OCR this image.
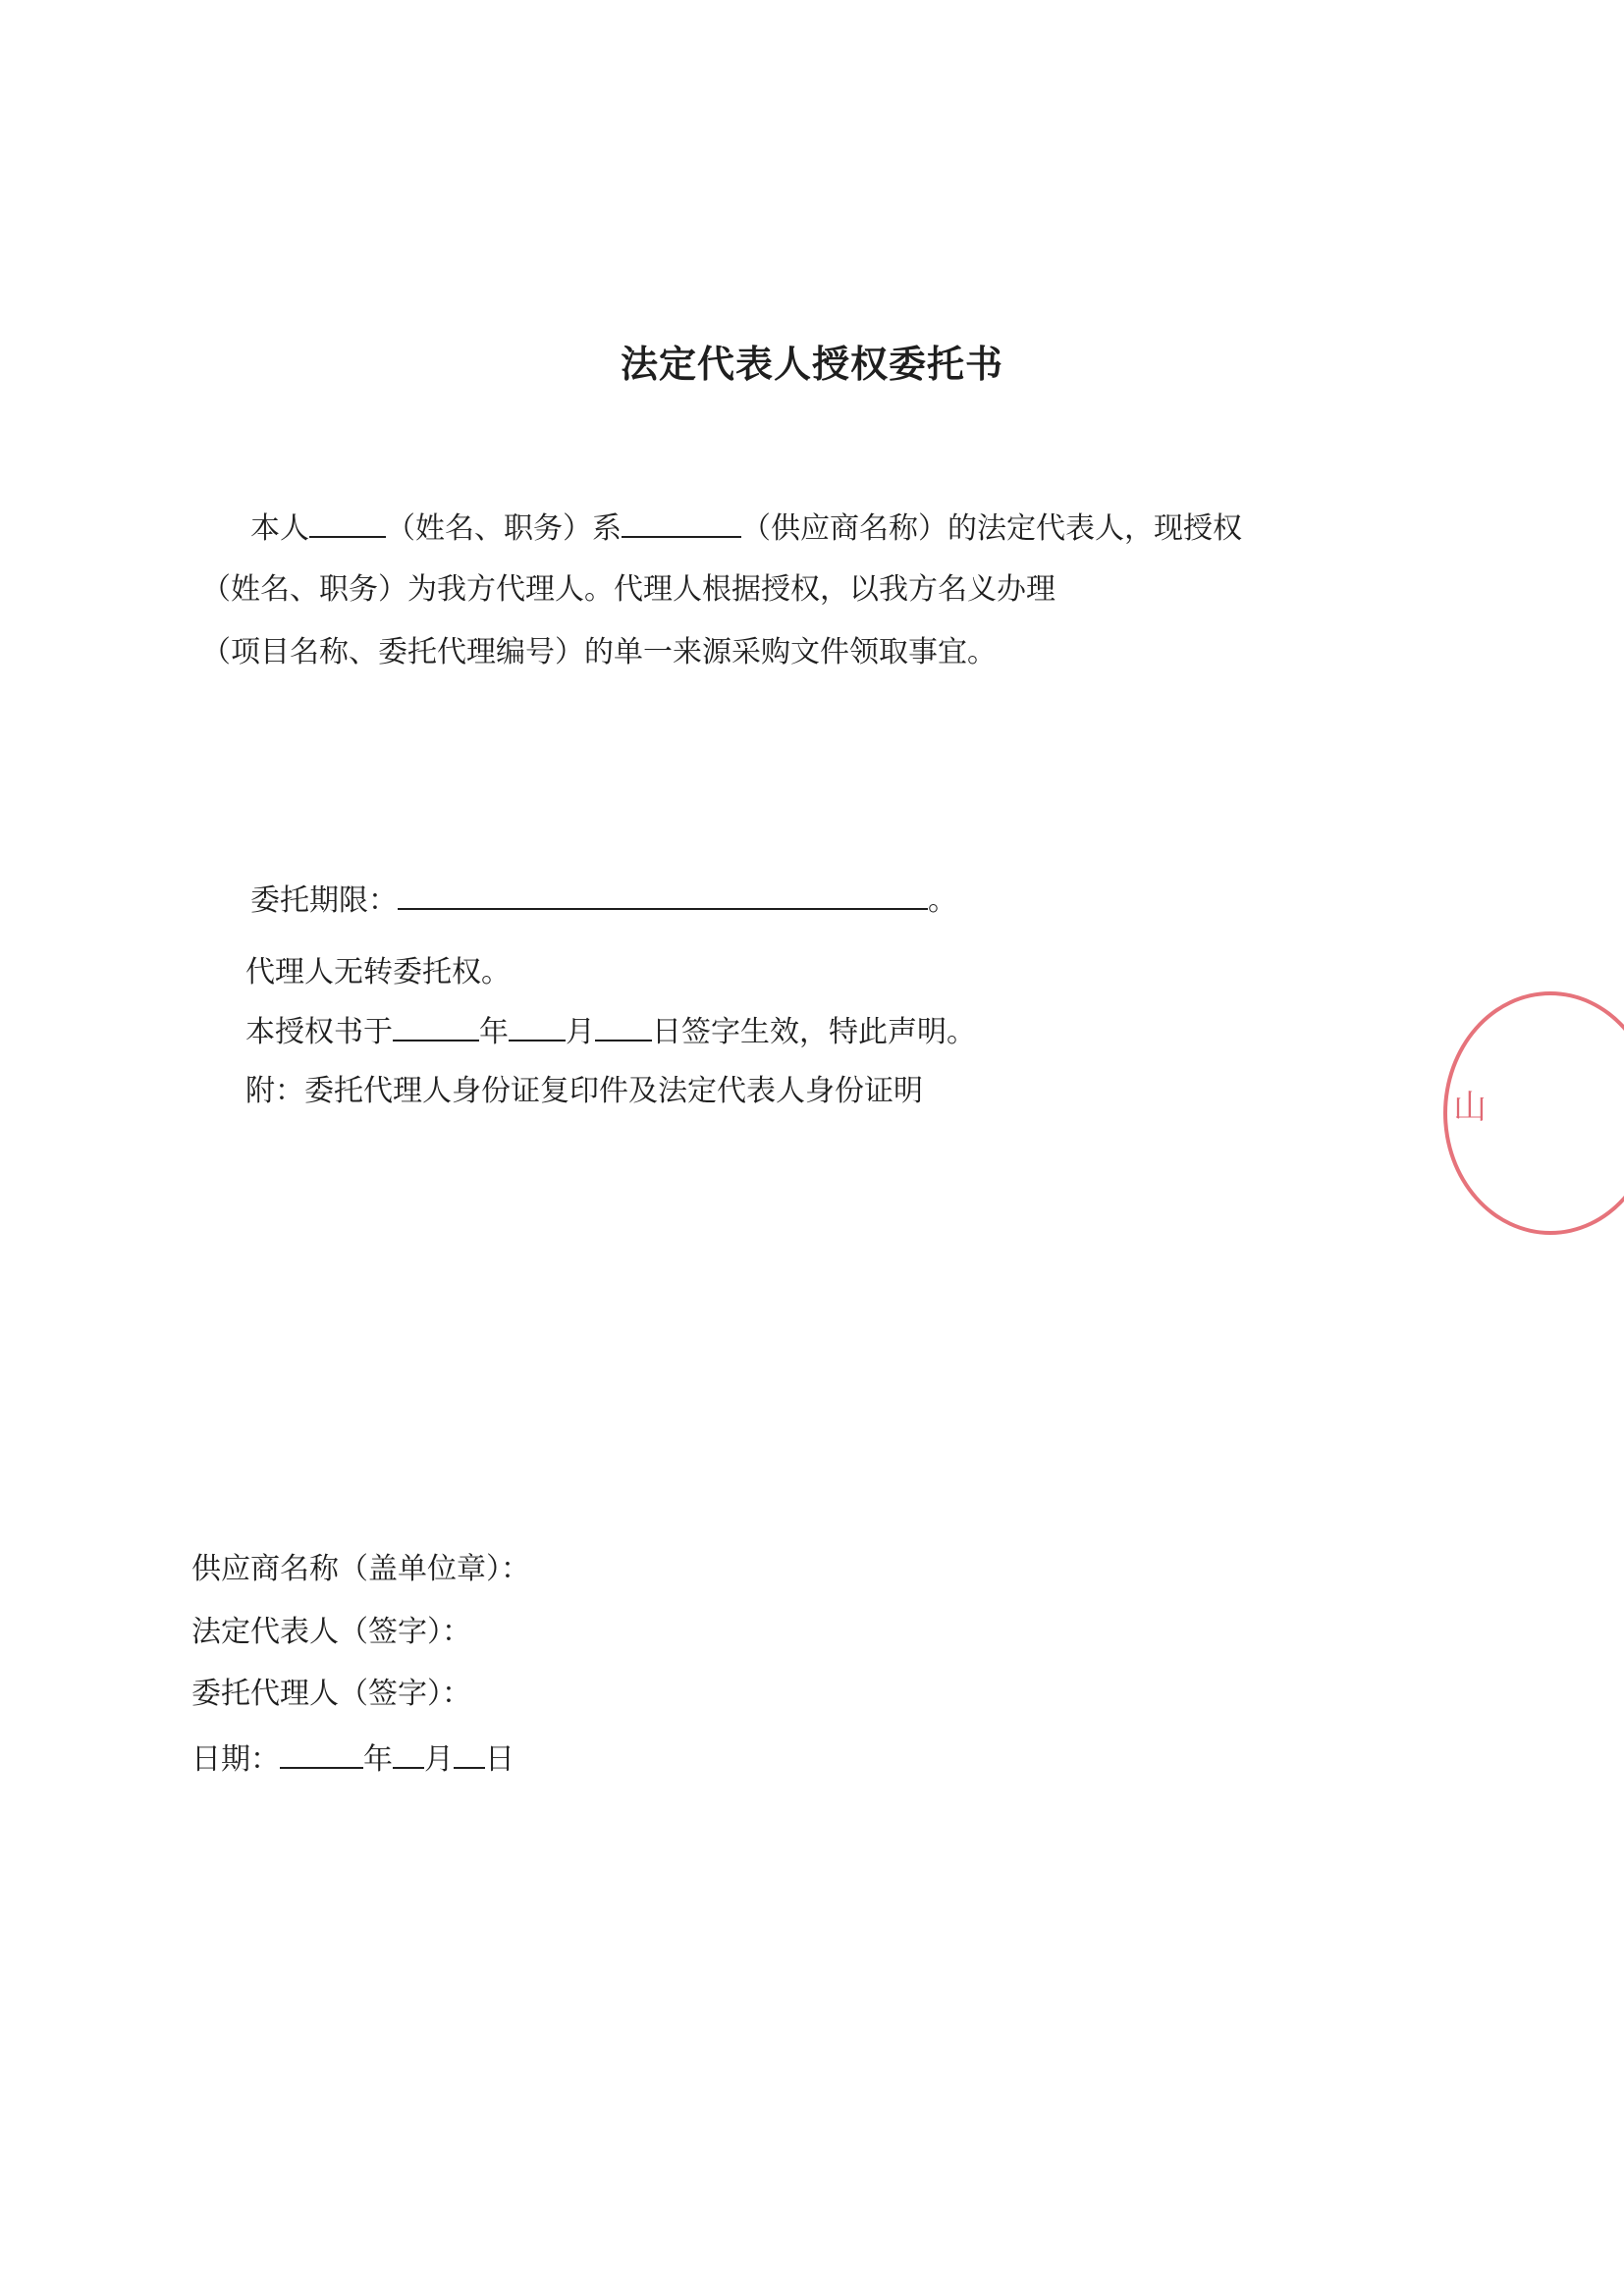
法定代表人授权委托书
本人	（姓名、职务）系	（供应商名称）的法定代表人，现授权
（姓名、职务）为我方代理人。代理人根据授权，以我方名义办理
（项目名称、委托代理编号）的单一来源采购文件领取事宜。
委托期限：	。
代理人无转委托权。
本授权书于	年 月 日签字生效，特此声明。
附：委托代理人身份证复印件及法定代表人身份证明
供应商名称（盖单位章）：
法定代表人（签字）：
委托代理人（签字）：
日期：	年 月 日
山
